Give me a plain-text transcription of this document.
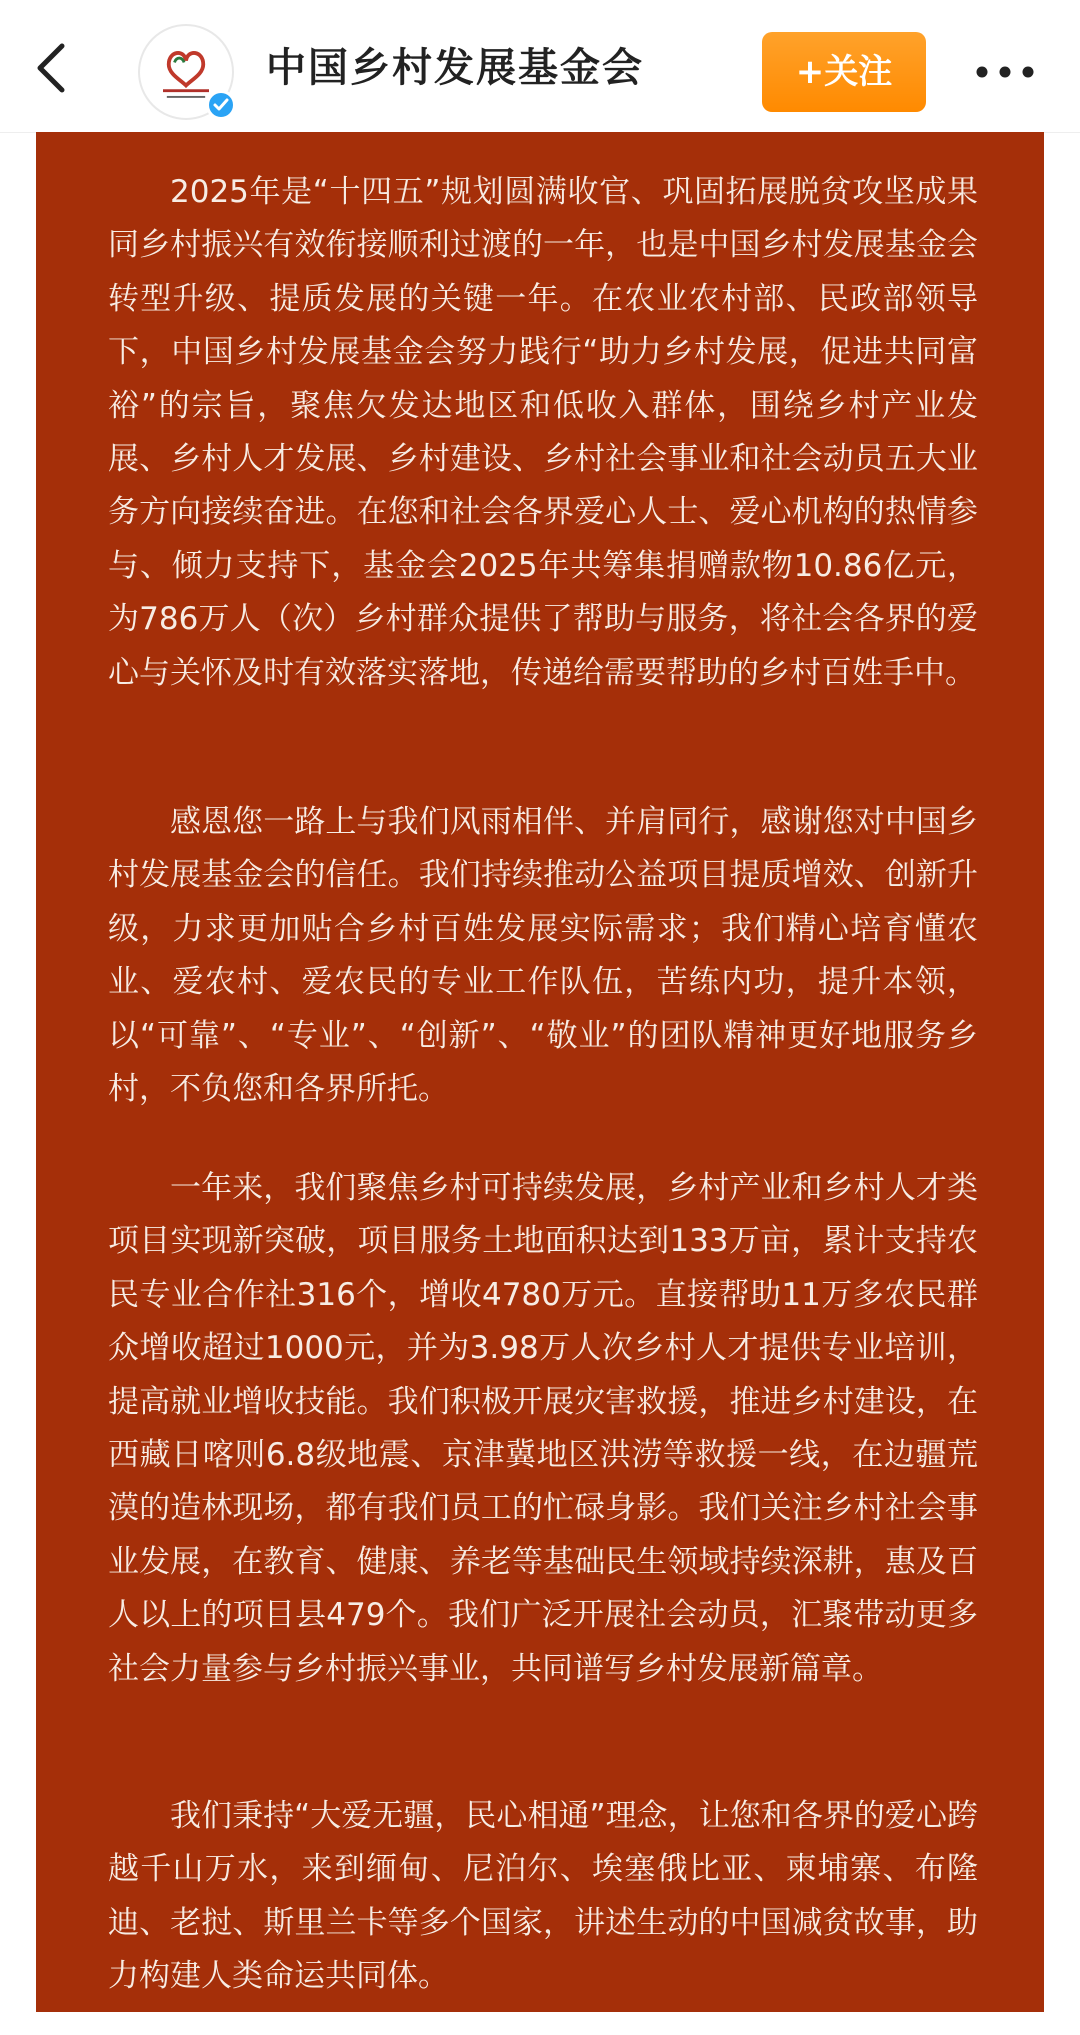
中国乡村发展基金会	+关注

2025年是“十四五”规划圆满收官、巩固拓展脱贫攻坚成果同乡村振兴有效衔接顺利过渡的一年，也是中国乡村发展基金会转型升级、提质发展的关键一年。在农业农村部、民政部领导下，中国乡村发展基金会努力践行“助力乡村发展，促进共同富裕”的宗旨，聚焦欠发达地区和低收入群体，围绕乡村产业发展、乡村人才发展、乡村建设、乡村社会事业和社会动员五大业务方向接续奋进。在您和社会各界爱心人士、爱心机构的热情参与、倾力支持下，基金会2025年共筹集捐赠款物10.86亿元，为786万人（次）乡村群众提供了帮助与服务，将社会各界的爱心与关怀及时有效落实落地，传递给需要帮助的乡村百姓手中。

感恩您一路上与我们风雨相伴、并肩同行，感谢您对中国乡村发展基金会的信任。我们持续推动公益项目提质增效、创新升级，力求更加贴合乡村百姓发展实际需求；我们精心培育懂农业、爱农村、爱农民的专业工作队伍，苦练内功，提升本领，以“可靠”、“专业”、“创新”、“敬业”的团队精神更好地服务乡村，不负您和各界所托。

一年来，我们聚焦乡村可持续发展，乡村产业和乡村人才类项目实现新突破，项目服务土地面积达到133万亩，累计支持农民专业合作社316个，增收4780万元。直接帮助11万多农民群众增收超过1000元，并为3.98万人次乡村人才提供专业培训，提高就业增收技能。我们积极开展灾害救援，推进乡村建设，在西藏日喀则6.8级地震、京津冀地区洪涝等救援一线，在边疆荒漠的造林现场，都有我们员工的忙碌身影。我们关注乡村社会事业发展，在教育、健康、养老等基础民生领域持续深耕，惠及百人以上的项目县479个。我们广泛开展社会动员，汇聚带动更多社会力量参与乡村振兴事业，共同谱写乡村发展新篇章。

我们秉持“大爱无疆，民心相通”理念，让您和各界的爱心跨越千山万水，来到缅甸、尼泊尔、埃塞俄比亚、柬埔寨、布隆迪、老挝、斯里兰卡等多个国家，讲述生动的中国减贫故事，助力构建人类命运共同体。
